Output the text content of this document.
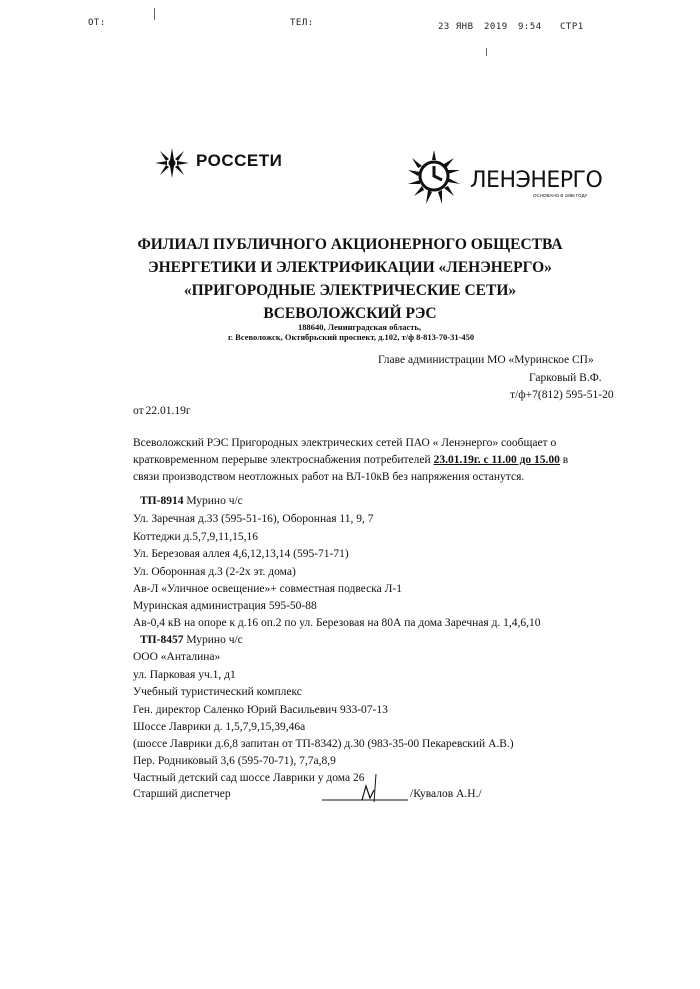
ОТ:	ТЕЛ:	23 ЯНВ 2019 9:54 СТР1
РОССЕТИ
ЛЕНЭНЕРГО
ОСНОВАНО В 1886 ГОДУ
ФИЛИАЛ ПУБЛИЧНОГО АКЦИОНЕРНОГО ОБЩЕСТВА
ЭНЕРГЕТИКИ И ЭЛЕКТРИФИКАЦИИ «ЛЕНЭНЕРГО»
«ПРИГОРОДНЫЕ ЭЛЕКТРИЧЕСКИЕ СЕТИ»
ВСЕВОЛОЖСКИЙ РЭС
188640, Ленинградская область,
г. Всеволожск, Октябрьский проспект, д.102, т/ф 8-813-70-31-450
Главе администрации МО «Муринское СП»
Гарковый В.Ф.
т/ф+7(812) 595-51-20
от 22.01.19г
Всеволожский РЭС Пригородных электрических сетей ПАО « Ленэнерго» сообщает о
кратковременном перерыве электроснабжения потребителей 23.01.19г. с 11.00 до 15.00 в
связи производством неотложных работ на ВЛ-10кВ без напряжения останутся.
ТП-8914 Мурино ч/с
Ул. Заречная д.33 (595-51-16), Оборонная 11, 9, 7
Коттеджи д.5,7,9,11,15,16
Ул. Березовая аллея 4,6,12,13,14 (595-71-71)
Ул. Оборонная д.3 (2-2х эт. дома)
Ав-Л «Уличное освещение»+ совместная подвеска Л-1
Муринская администрация 595-50-88
Ав-0,4 кВ на опоре к д.16 оп.2 по ул. Березовая на 80А па дома Заречная д. 1,4,6,10
ТП-8457 Мурино ч/с
ООО «Анталина»
ул. Парковая уч.1, д1
Учебный туристический комплекс
Ген. директор Саленко Юрий Васильевич 933-07-13
Шоссе Лаврики д. 1,5,7,9,15,39,46а
(шоссе Лаврики д.6,8 запитан от ТП-8342) д.30 (983-35-00 Пекаревский А.В.)
Пер. Родниковый 3,6 (595-70-71), 7,7а,8,9
Частный детский сад шоссе Лаврики у дома 26
Старший диспетчер	/Кувалов А.Н./
